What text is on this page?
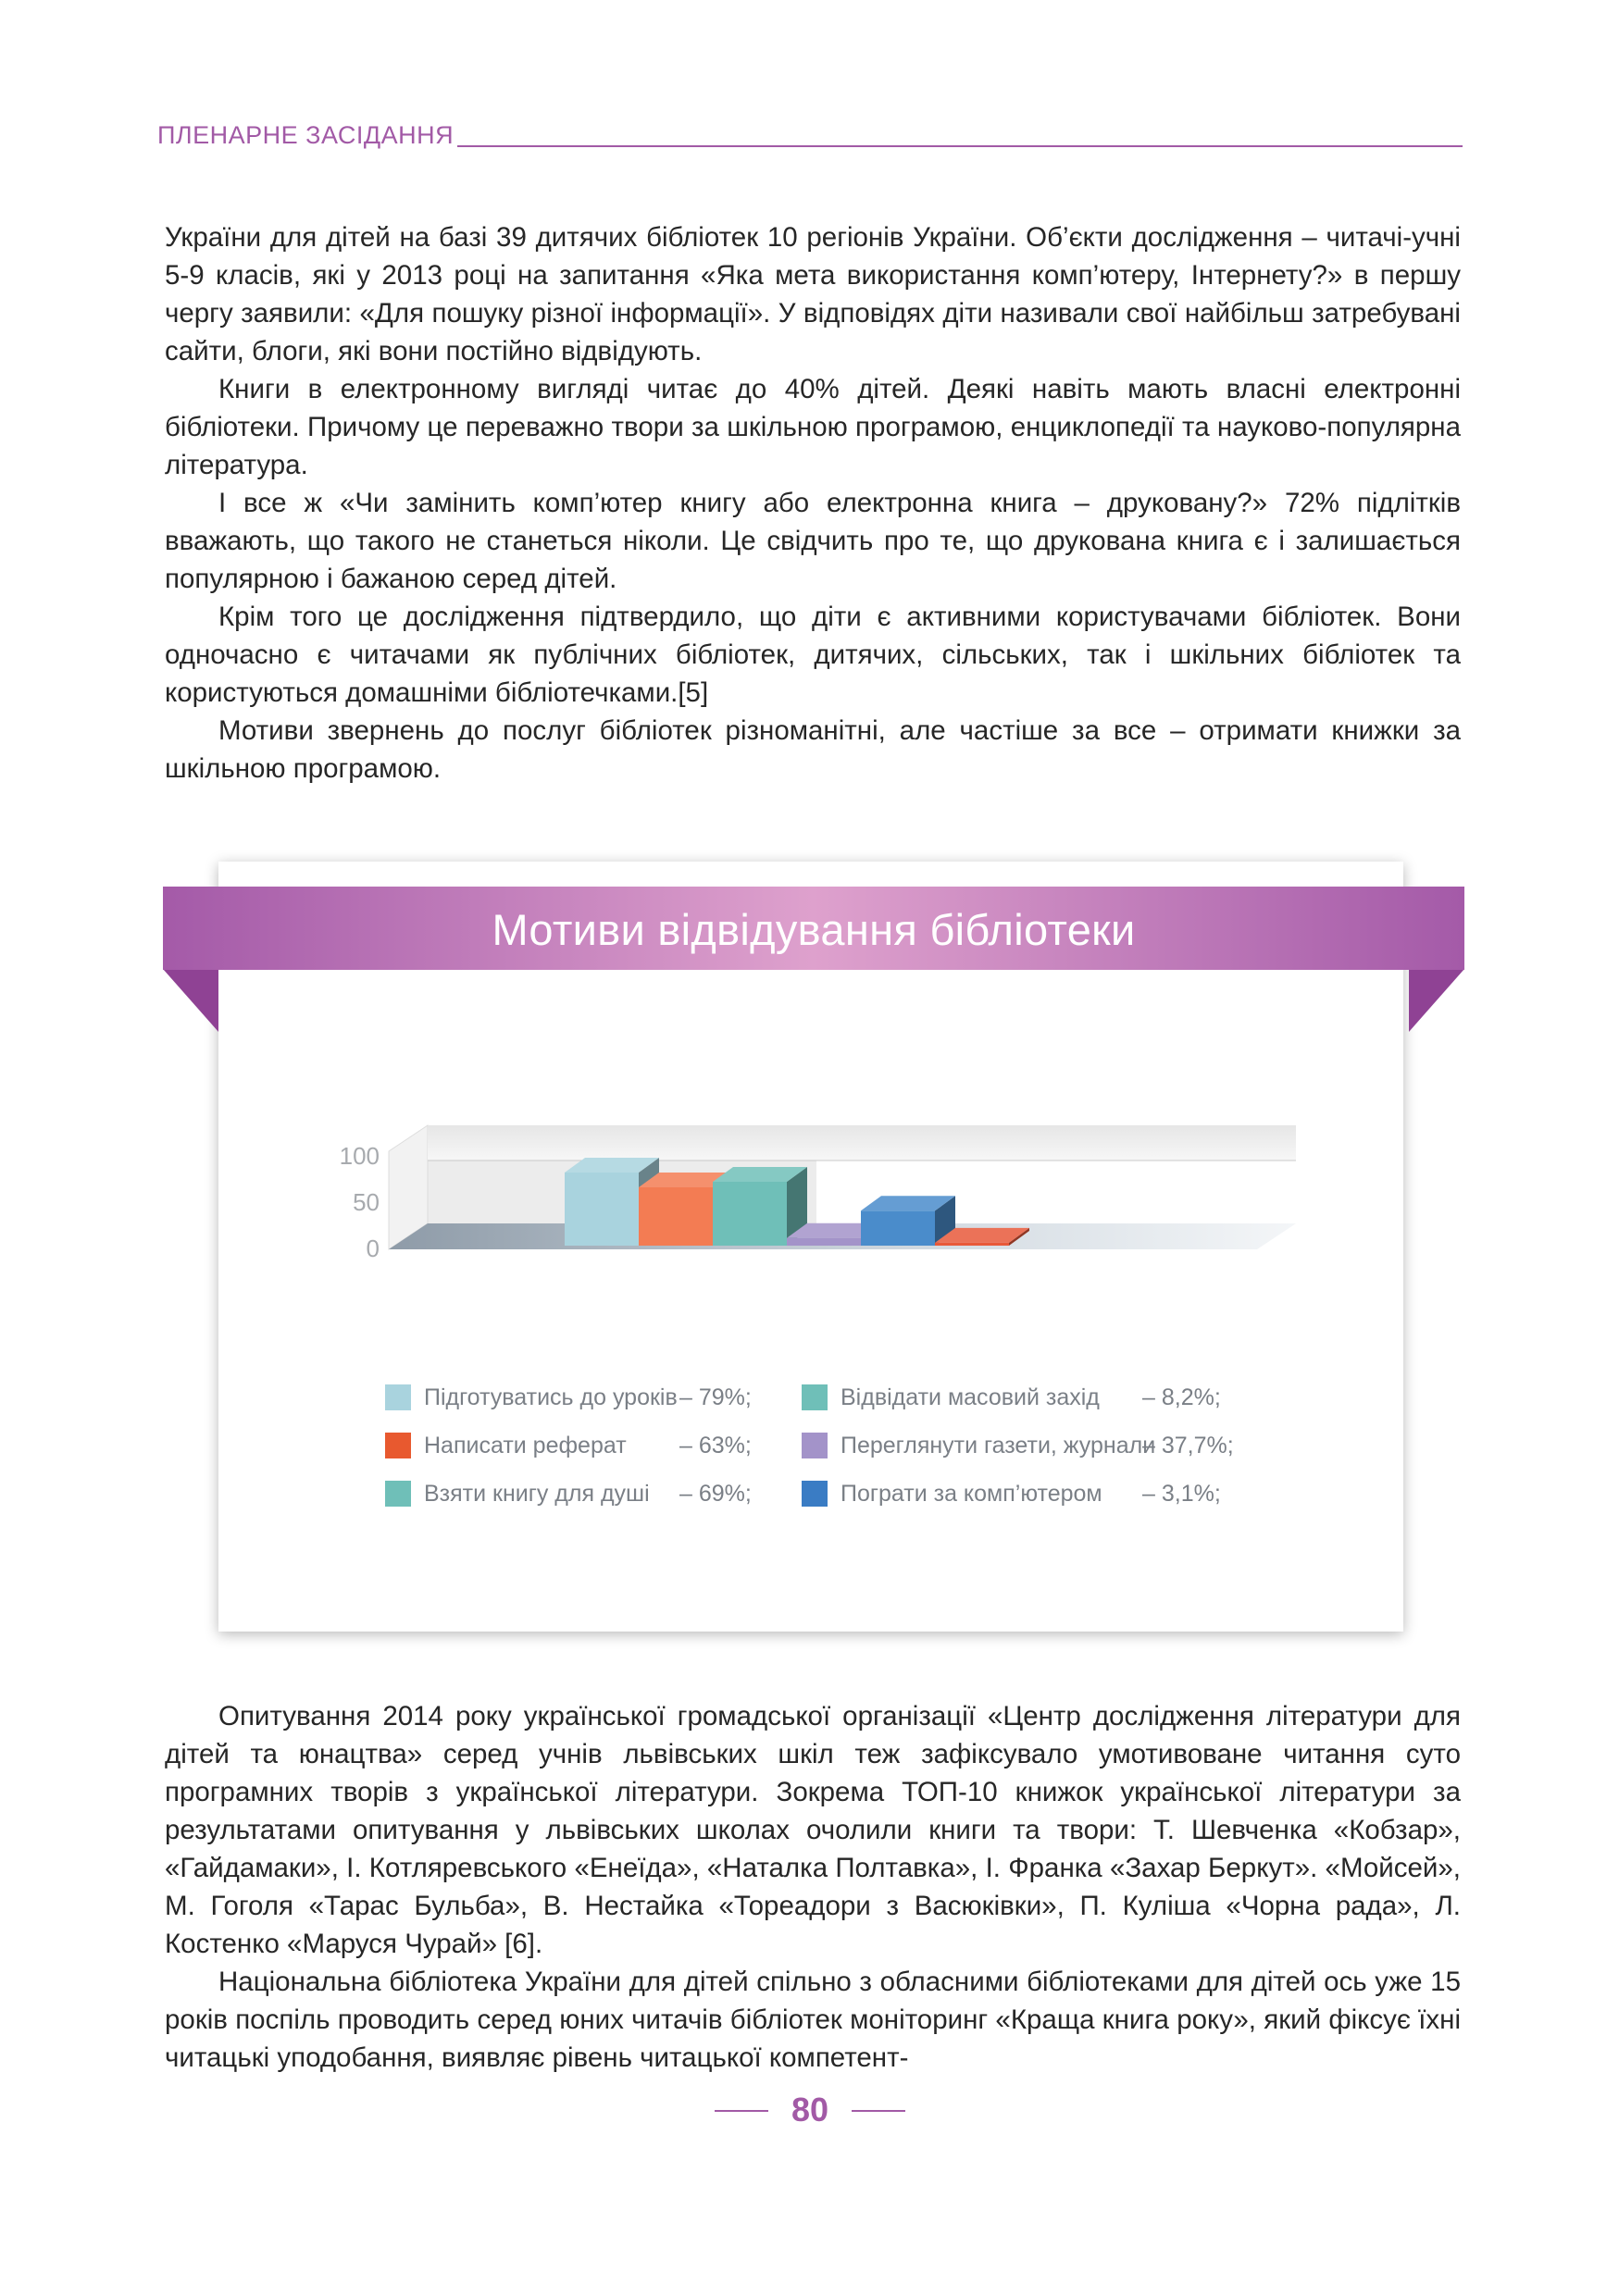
ПЛЕНАРНЕ ЗАСІДАННЯ

України для дітей на базі 39 дитячих бібліотек 10 регіонів України. Об’єкти дослідження – читачі-учні 5-9 класів, які у 2013 році на запитання «Яка мета використання комп’ютеру, Інтернету?» в першу чергу заявили: «Для пошуку різної інформації». У відповідях діти називали свої найбільш затребувані сайти, блоги, які вони постійно відвідують.

Книги в електронному вигляді читає до 40% дітей. Деякі навіть мають власні електронні бібліотеки. Причому це переважно твори за шкільною програмою, енциклопедії та науково-популярна література.

І все ж «Чи замінить комп’ютер книгу або електронна книга – друковану?» 72% підлітків вважають, що такого не станеться ніколи. Це свідчить про те, що друкована книга є і залишається популярною і бажаною серед дітей.

Крім того це дослідження підтвердило, що діти є активними користувачами бібліотек. Вони одночасно є читачами як публічних бібліотек, дитячих, сільських, так і шкільних бібліотек та користуються домашніми бібліотечками.[5]

Мотиви звернень до послуг бібліотек різноманітні, але частіше за все – отримати книжки за шкільною програмою.

Мотиви відвідування бібліотеки
0
50
100
Підготуватись до уроків – 79%;
Написати реферат – 63%;
Взяти книгу для душі – 69%;
Відвідати масовий захід – 8,2%;
Переглянути газети, журнали
– 37,7%;
Пограти за комп’ютером – 3,1%;

Опитування 2014 року української громадської організації «Центр дослідження літератури для дітей та юнацтва» серед учнів львівських шкіл теж зафіксувало умотивоване читання суто програмних творів з української літератури. Зокрема ТОП-10 книжок української літератури за результатами опитування у львівських школах очолили книги та твори: Т. Шевченка «Кобзар», «Гайдамаки», І. Котляревського «Енеїда», «Наталка Полтавка», І. Франка «Захар Беркут». «Мойсей», М. Гоголя «Тарас Бульба», В. Нестайка «Тореадори з Васюківки», П. Куліша «Чорна рада», Л. Костенко «Маруся Чурай» [6].

Національна бібліотека України для дітей спільно з обласними бібліотеками для дітей ось уже 15 років поспіль проводить серед юних читачів бібліотек моніторинг «Краща книга року», який фіксує їхні читацькі уподобання, виявляє рівень читацької компетент-

80
